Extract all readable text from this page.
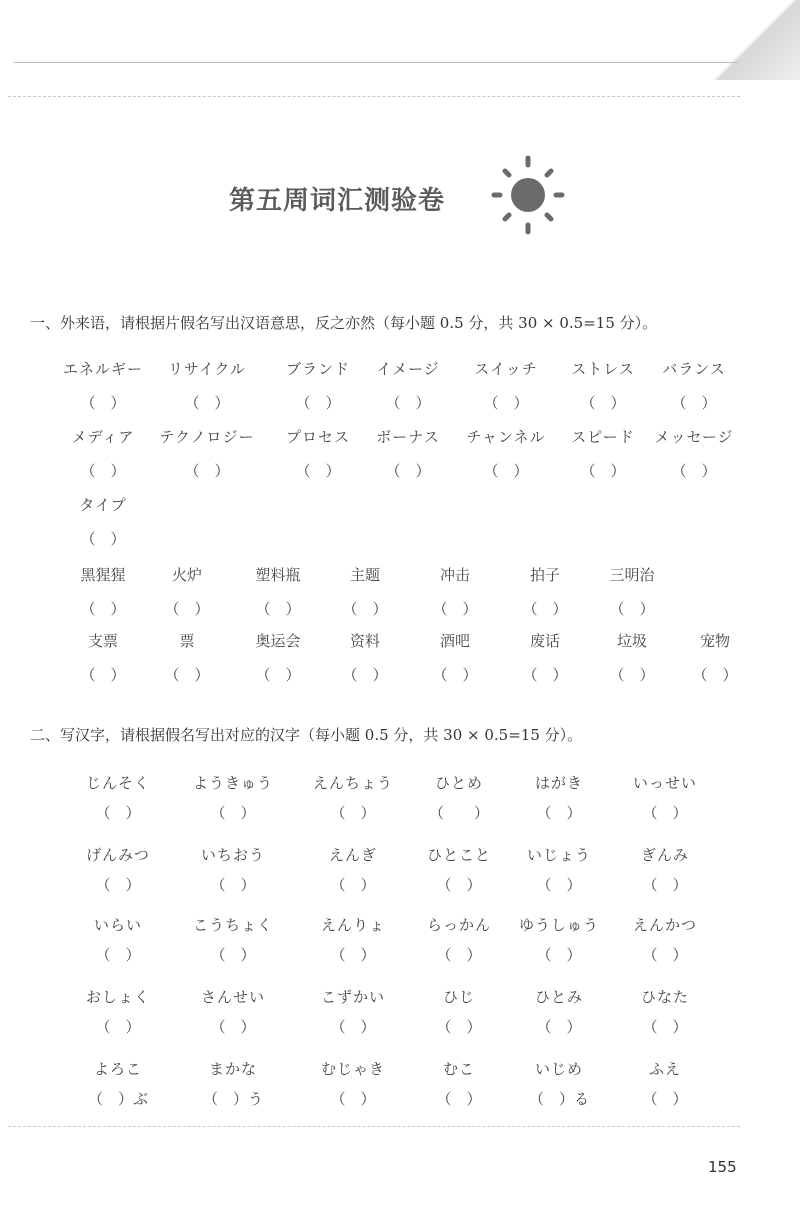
第五周词汇测验卷
一、外来语，请根据片假名写出汉语意思，反之亦然（每小题 0.5 分，共 30 × 0.5=15 分）。
エネルギー	リサイクル	ブランド	イメージ	スイッチ	ストレス	バランス
（　）	（　）	（　）	（　）	（　）	（　）	（　）
メディア	テクノロジー	プロセス	ボーナス	チャンネル	スピード	メッセージ
（　）	（　）	（　）	（　）	（　）	（　）	（　）
タイプ
（　）
黑猩猩	火炉	塑料瓶	主题	冲击	拍子	三明治
（　）	（　）	（　）	（　）	（　）	（　）	（　）
支票	票	奥运会	资料	酒吧	废话	垃圾	宠物
（　）	（　）	（　）	（　）	（　）	（　）	（　）	（　）
二、写汉字，请根据假名写出对应的汉字（每小题 0.5 分，共 30 × 0.5=15 分）。
じんそく	ようきゅう	えんちょう	ひとめ	はがき	いっせい
（　）	（　）	（　）	（　　）	（　）	（　）
げんみつ	いちおう	えんぎ	ひとこと	いじょう	ぎんみ
（　）	（　）	（　）	（　）	（　）	（　）
いらい	こうちょく	えんりょ	らっかん	ゆうしゅう	えんかつ
（　）	（　）	（　）	（　）	（　）	（　）
おしょく	さんせい	こずかい	ひじ	ひとみ	ひなた
（　）	（　）	（　）	（　）	（　）	（　）
よろこ	まかな	むじゃき	むこ	いじめ	ふえ
（　）ぶ	（　）う	（　）	（　）	（　）る	（　）
155
